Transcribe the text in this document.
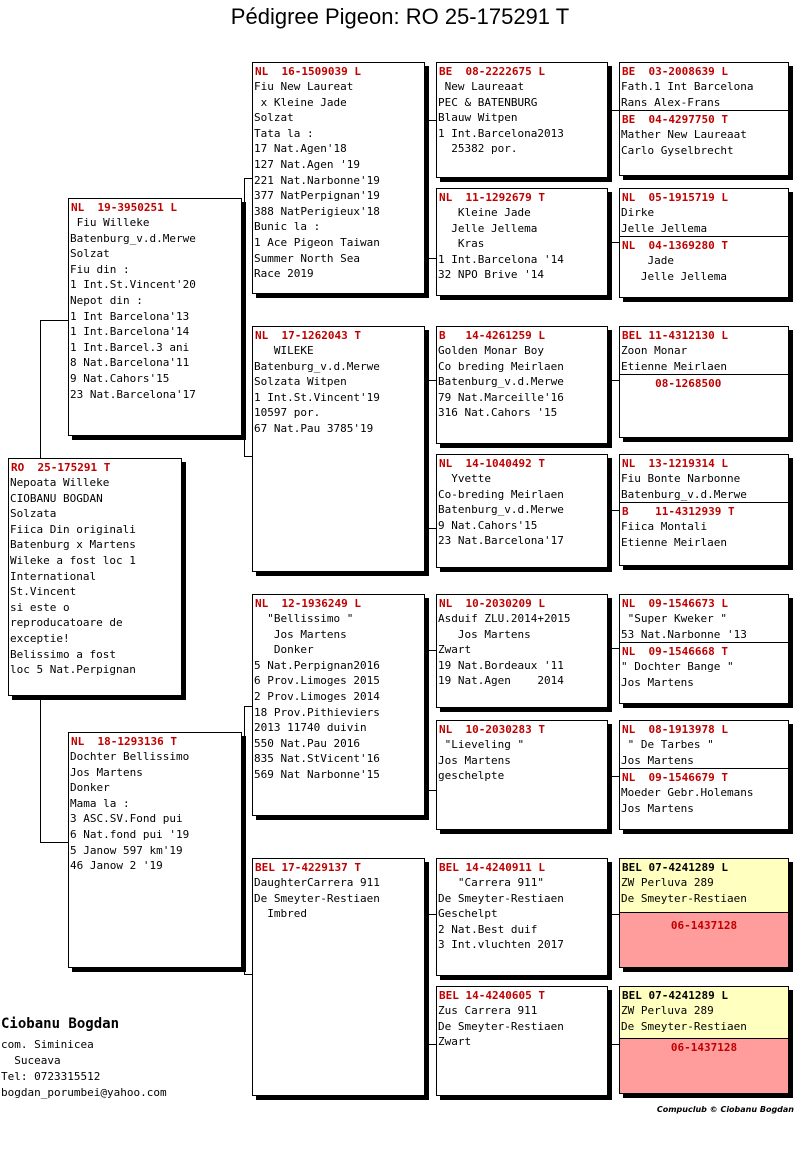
Pédigree Pigeon: RO 25-175291 T
RO  25-175291 T
Nepoata Willeke
CIOBANU BOGDAN
Solzata
Fiica Din originali
Batenburg x Martens
Wileke a fost loc 1
International
St.Vincent
si este o
reproducatoare de
exceptie!
Belissimo a fost
loc 5 Nat.Perpignan
NL  19-3950251 L
Fiu Willeke
Batenburg_v.d.Merwe
Solzat
Fiu din :
1 Int.St.Vincent'20
Nepot din :
1 Int Barcelona'13
1 Int.Barcelona'14
1 Int.Barcel.3 ani
8 Nat.Barcelona'11
9 Nat.Cahors'15
23 Nat.Barcelona'17
NL  18-1293136 T
Dochter Bellissimo
Jos Martens
Donker
Mama la :
3 ASC.SV.Fond pui
6 Nat.fond pui '19
5 Janow 597 km'19
46 Janow 2 '19
NL  16-1509039 L
Fiu New Laureat
x Kleine Jade
Solzat
Tata la :
17 Nat.Agen'18
127 Nat.Agen '19
221 Nat.Narbonne'19
377 NatPerpignan'19
388 NatPerigieux'18
Bunic la :
1 Ace Pigeon Taiwan
Summer North Sea
Race 2019
NL  17-1262043 T
WILEKE
Batenburg_v.d.Merwe
Solzata Witpen
1 Int.St.Vincent'19
10597 por.
67 Nat.Pau 3785'19
NL  12-1936249 L
"Bellissimo "
Jos Martens
Donker
5 Nat.Perpignan2016
6 Prov.Limoges 2015
2 Prov.Limoges 2014
18 Prov.Pithieviers
2013 11740 duivin
550 Nat.Pau 2016
835 Nat.StVicent'16
569 Nat Narbonne'15
BEL 17-4229137 T
DaughterCarrera 911
De Smeyter-Restiaen
Imbred
BE  08-2222675 L
New Laureaat
PEC & BATENBURG
Blauw Witpen
1 Int.Barcelona2013
25382 por.
NL  11-1292679 T
Kleine Jade
Jelle Jellema
Kras
1 Int.Barcelona '14
32 NPO Brive '14
B   14-4261259 L
Golden Monar Boy
Co breding Meirlaen
Batenburg_v.d.Merwe
79 Nat.Marceille'16
316 Nat.Cahors '15
NL  14-1040492 T
Yvette
Co-breding Meirlaen
Batenburg_v.d.Merwe
9 Nat.Cahors'15
23 Nat.Barcelona'17
NL  10-2030209 L
Asduif ZLU.2014+2015
Jos Martens
Zwart
19 Nat.Bordeaux '11
19 Nat.Agen    2014
NL  10-2030283 T
"Lieveling "
Jos Martens
geschelpte
BEL 14-4240911 L
"Carrera 911"
De Smeyter-Restiaen
Geschelpt
2 Nat.Best duif
3 Int.vluchten 2017
BEL 14-4240605 T
Zus Carrera 911
De Smeyter-Restiaen
Zwart
BE  03-2008639 L
Fath.1 Int Barcelona
Rans Alex-Frans
BE  04-4297750 T
Mather New Laureaat
Carlo Gyselbrecht
NL  05-1915719 L
Dirke
Jelle Jellema
NL  04-1369280 T
Jade
Jelle Jellema
BEL 11-4312130 L
Zoon Monar
Etienne Meirlaen
08-1268500
NL  13-1219314 L
Fiu Bonte Narbonne
Batenburg_v.d.Merwe
B    11-4312939 T
Fiica Montali
Etienne Meirlaen
NL  09-1546673 L
"Super Kweker "
53 Nat.Narbonne '13
NL  09-1546668 T
" Dochter Bange "
Jos Martens
NL  08-1913978 L
" De Tarbes "
Jos Martens
NL  09-1546679 T
Moeder Gebr.Holemans
Jos Martens
BEL 07-4241289 L
ZW Perluva 289
De Smeyter-Restiaen
06-1437128
BEL 07-4241289 L
ZW Perluva 289
De Smeyter-Restiaen
06-1437128
Ciobanu Bogdan
com. Siminicea
Suceava
Tel: 0723315512
bogdan_porumbei@yahoo.com
Compuclub © Ciobanu Bogdan
